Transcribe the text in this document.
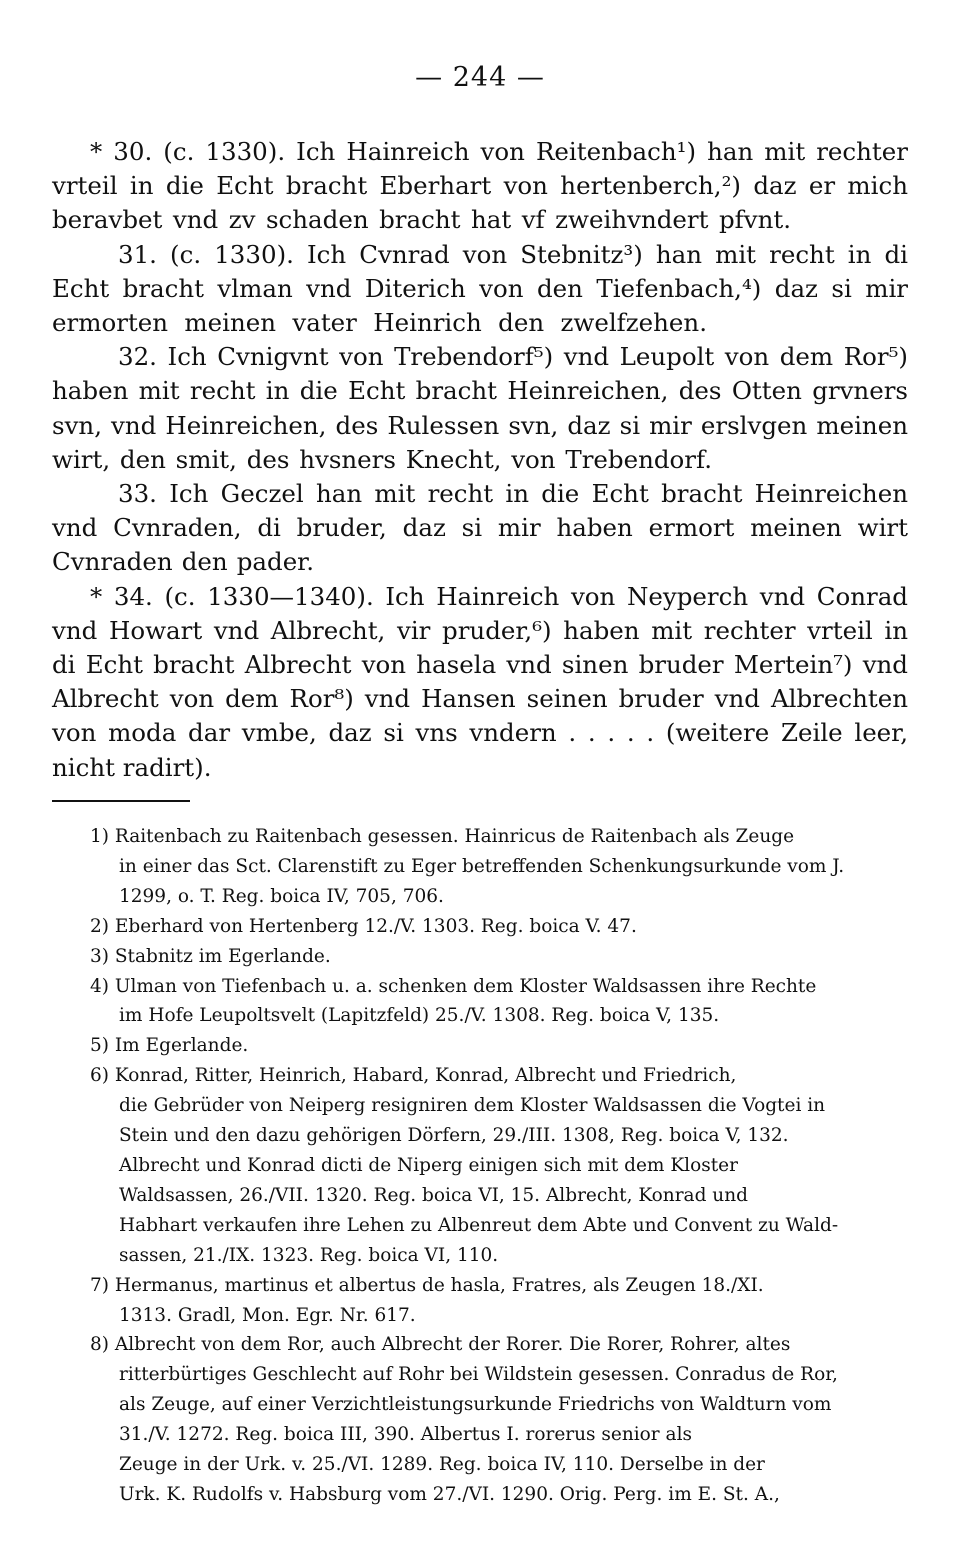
— 244 —
* 30. (c. 1330). Ich Hainreich von Reitenbach¹) han mit rechter
vrteil in die Echt bracht Eberhart von hertenberch,²) daz er mich
beravbet vnd zv schaden bracht hat vf zweihvndert pfvnt.
31. (c. 1330). Ich Cvnrad von Stebnitz³) han mit recht in di
Echt bracht vlman vnd Diterich von den Tiefenbach,⁴) daz si mir
ermorten meinen vater Heinrich den zwelfzehen.
32. Ich Cvnigvnt von Trebendorf⁵) vnd Leupolt von dem Ror⁵)
haben mit recht in die Echt bracht Heinreichen, des Otten grvners
svn, vnd Heinreichen, des Rulessen svn, daz si mir erslvgen meinen
wirt, den smit, des hvsners Knecht, von Trebendorf.
33. Ich Geczel han mit recht in die Echt bracht Heinreichen
vnd Cvnraden, di bruder, daz si mir haben ermort meinen wirt
Cvnraden den pader.
* 34. (c. 1330—1340). Ich Hainreich von Neyperch vnd Conrad
vnd Howart vnd Albrecht, vir pruder,⁶) haben mit rechter vrteil in
di Echt bracht Albrecht von hasela vnd sinen bruder Mertein⁷) vnd
Albrecht von dem Ror⁸) vnd Hansen seinen bruder vnd Albrechten
von moda dar vmbe, daz si vns vndern . . . . . (weitere Zeile leer,
nicht radirt).
1) Raitenbach zu Raitenbach gesessen. Hainricus de Raitenbach als Zeuge
in einer das Sct. Clarenstift zu Eger betreffenden Schenkungsurkunde vom J.
1299, o. T. Reg. boica IV, 705, 706.
2) Eberhard von Hertenberg 12./V. 1303. Reg. boica V. 47.
3) Stabnitz im Egerlande.
4) Ulman von Tiefenbach u. a. schenken dem Kloster Waldsassen ihre Rechte
im Hofe Leupoltsvelt (Lapitzfeld) 25./V. 1308. Reg. boica V, 135.
5) Im Egerlande.
6) Konrad, Ritter, Heinrich, Habard, Konrad, Albrecht und Friedrich,
die Gebrüder von Neiperg resigniren dem Kloster Waldsassen die Vogtei in
Stein und den dazu gehörigen Dörfern, 29./III. 1308, Reg. boica V, 132.
Albrecht und Konrad dicti de Niperg einigen sich mit dem Kloster
Waldsassen, 26./VII. 1320. Reg. boica VI, 15. Albrecht, Konrad und
Habhart verkaufen ihre Lehen zu Albenreut dem Abte und Convent zu Wald-
sassen, 21./IX. 1323. Reg. boica VI, 110.
7) Hermanus, martinus et albertus de hasla, Fratres, als Zeugen 18./XI.
1313. Gradl, Mon. Egr. Nr. 617.
8) Albrecht von dem Ror, auch Albrecht der Rorer. Die Rorer, Rohrer, altes
ritterbürtiges Geschlecht auf Rohr bei Wildstein gesessen. Conradus de Ror,
als Zeuge, auf einer Verzichtleistungsurkunde Friedrichs von Waldturn vom
31./V. 1272. Reg. boica III, 390. Albertus I. rorerus senior als
Zeuge in der Urk. v. 25./VI. 1289. Reg. boica IV, 110. Derselbe in der
Urk. K. Rudolfs v. Habsburg vom 27./VI. 1290. Orig. Perg. im E. St. A.,
